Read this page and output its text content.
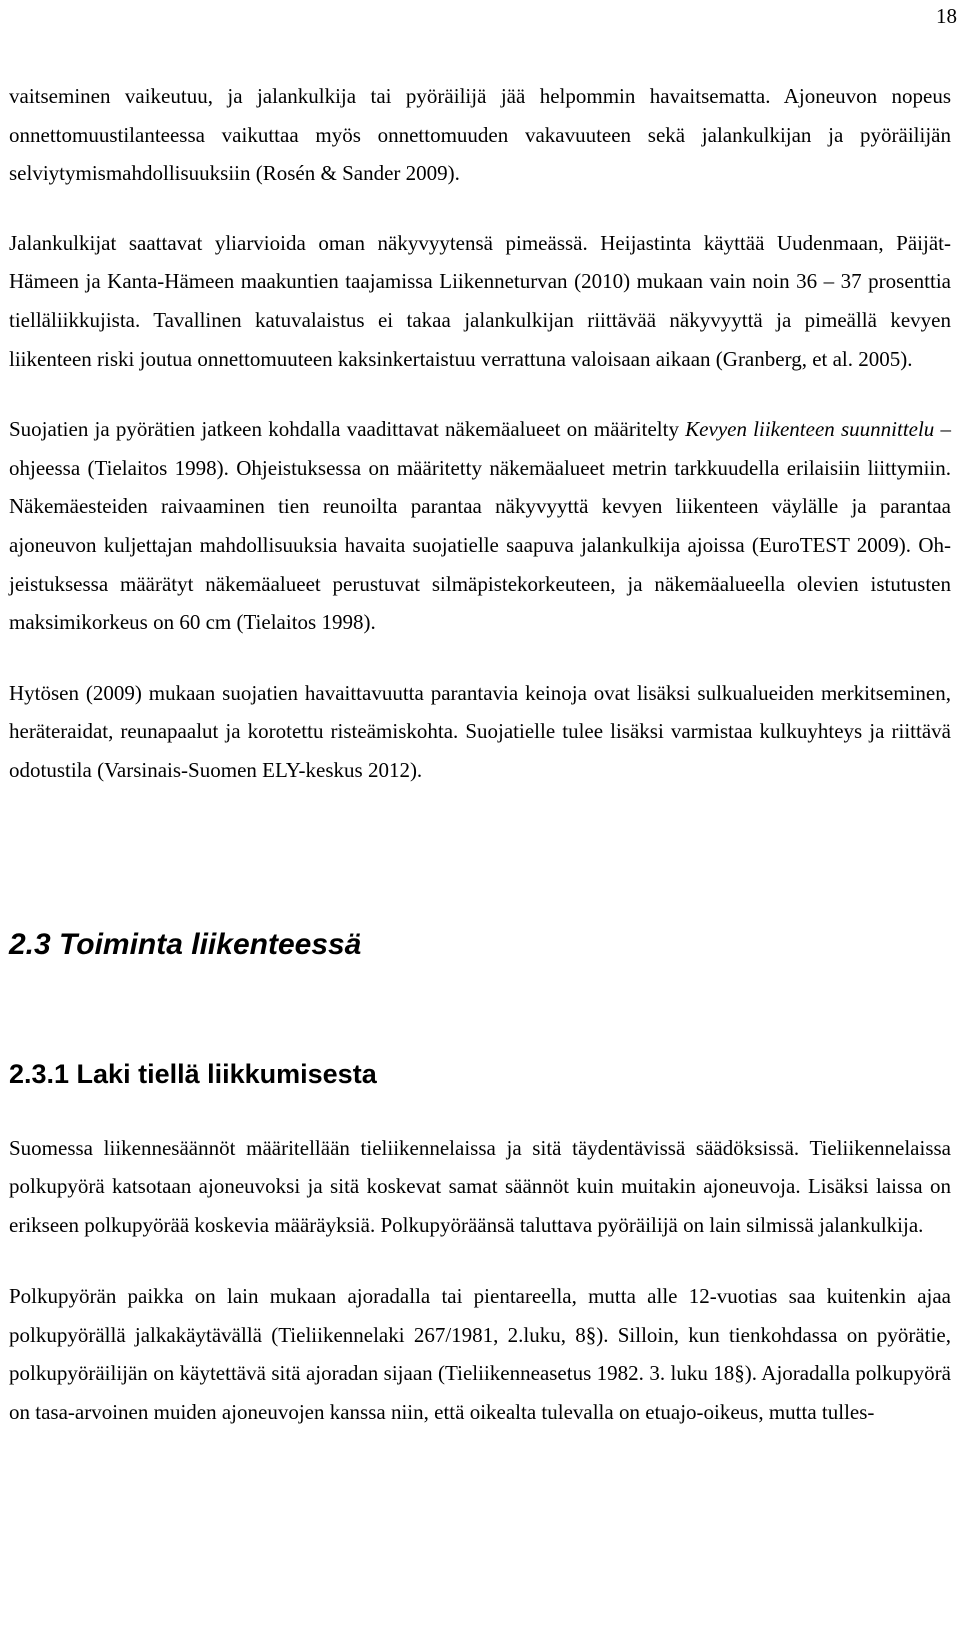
18

vaitseminen vaikeutuu, ja jalankulkija tai pyöräilijä jää helpommin havaitsematta. Ajoneuvon nopeus onnettomuustilanteessa vaikuttaa myös onnettomuuden vakavuuteen sekä jalankulkijan ja pyöräilijän selviytymismahdollisuuksiin (Rosén & Sander 2009).

Jalankulkijat saattavat yliarvioida oman näkyvyytensä pimeässä. Heijastinta käyttää Uudenmaan, Päijät-Hämeen ja Kanta-Hämeen maakuntien taajamissa Liikenneturvan (2010) mukaan vain noin 36 – 37 prosenttia tielläliikkujista. Tavallinen katuvalaistus ei takaa jalankulkijan riittävää näkyvyyttä ja pimeällä kevyen liikenteen riski joutua onnettomuuteen kaksinkertaistuu verrattuna valoisaan aikaan (Granberg, et al. 2005).

Suojatien ja pyörätien jatkeen kohdalla vaadittavat näkemäalueet on määritelty Kevyen liikenteen suunnittelu –ohjeessa (Tielaitos 1998). Ohjeistuksessa on määritetty näkemäalueet metrin tarkkuudella erilaisiin liittymiin. Näkemäesteiden raivaaminen tien reunoilta parantaa näkyvyyttä kevyen liikenteen väylälle ja parantaa ajoneuvon kuljettajan mahdollisuuksia havaita suojatielle saapuva jalankulkija ajoissa (EuroTEST 2009). Ohjeistuksessa määrätyt näkemäalueet perustuvat silmäpistekorkeuteen, ja näkemäalueella olevien istutusten maksimikorkeus on 60 cm (Tielaitos 1998).

Hytösen (2009) mukaan suojatien havaittavuutta parantavia keinoja ovat lisäksi sulkualueiden merkitseminen, heräteraidat, reunapaalut ja korotettu risteämiskohta. Suojatielle tulee lisäksi varmistaa kulkuyhteys ja riittävä odotustila (Varsinais-Suomen ELY-keskus 2012).

2.3 Toiminta liikenteessä
2.3.1 Laki tiellä liikkumisesta

Suomessa liikennesäännöt määritellään tieliikennelaissa ja sitä täydentävissä säädöksissä. Tieliikennelaissa polkupyörä katsotaan ajoneuvoksi ja sitä koskevat samat säännöt kuin muitakin ajoneuvoja. Lisäksi laissa on erikseen polkupyörää koskevia määräyksiä. Polkupyöräänsä taluttava pyöräilijä on lain silmissä jalankulkija.

Polkupyörän paikka on lain mukaan ajoradalla tai pientareella, mutta alle 12-vuotias saa kuitenkin ajaa polkupyörällä jalkakäytävällä (Tieliikennelaki 267/1981, 2.luku, 8§). Silloin, kun tienkohdassa on pyörätie, polkupyöräilijän on käytettävä sitä ajoradan sijaan (Tieliikenneasetus 1982. 3. luku 18§). Ajoradalla polkupyörä on tasa-arvoinen muiden ajoneuvojen kanssa niin, että oikealta tulevalla on etuajo-oikeus, mutta tulles-
